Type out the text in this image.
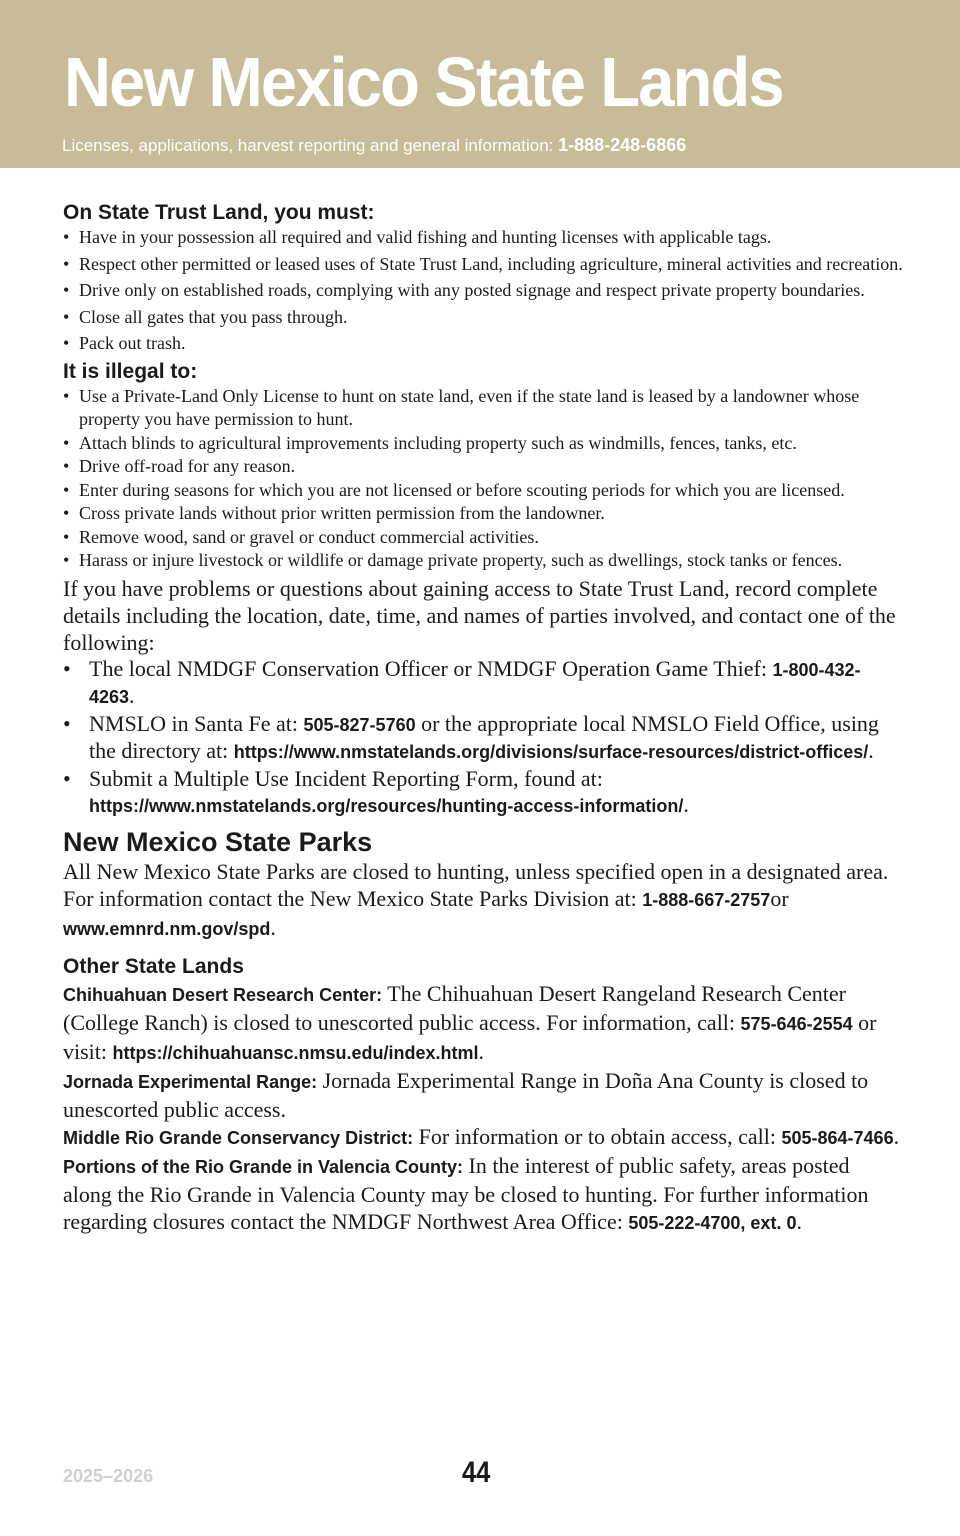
New Mexico State Lands
Licenses, applications, harvest reporting and general information: 1-888-248-6866
On State Trust Land, you must:
• Have in your possession all required and valid fishing and hunting licenses with applicable tags.
• Respect other permitted or leased uses of State Trust Land, including agriculture, mineral activities and recreation.
• Drive only on established roads, complying with any posted signage and respect private property boundaries.
• Close all gates that you pass through.
• Pack out trash.
It is illegal to:
• Use a Private-Land Only License to hunt on state land, even if the state land is leased by a landowner whose property you have permission to hunt.
• Attach blinds to agricultural improvements including property such as windmills, fences, tanks, etc.
• Drive off-road for any reason.
• Enter during seasons for which you are not licensed or before scouting periods for which you are licensed.
• Cross private lands without prior written permission from the landowner.
• Remove wood, sand or gravel or conduct commercial activities.
• Harass or injure livestock or wildlife or damage private property, such as dwellings, stock tanks or fences.

If you have problems or questions about gaining access to State Trust Land, record complete details including the location, date, time, and names of parties involved, and contact one of the following:

• The local NMDGF Conservation Officer or NMDGF Operation Game Thief: 1-800-432-4263.
• NMSLO in Santa Fe at: 505-827-5760 or the appropriate local NMSLO Field Office, using the directory at: https://www.nmstatelands.org/divisions/surface-resources/district-offices/.
• Submit a Multiple Use Incident Reporting Form, found at: https://www.nmstatelands.org/resources/hunting-access-information/.
New Mexico State Parks

All New Mexico State Parks are closed to hunting, unless specified open in a designated area. For information contact the New Mexico State Parks Division at: 1-888-667-2757or www.emnrd.nm.gov/spd.

Other State Lands

Chihuahuan Desert Research Center: The Chihuahuan Desert Rangeland Research Center (College Ranch) is closed to unescorted public access. For information, call: 575-646-2554 or visit: https://chihuahuansc.nmsu.edu/index.html.

Jornada Experimental Range: Jornada Experimental Range in Doña Ana County is closed to unescorted public access.

Middle Rio Grande Conservancy District: For information or to obtain access, call: 505-864-7466.

Portions of the Rio Grande in Valencia County: In the interest of public safety, areas posted along the Rio Grande in Valencia County may be closed to hunting. For further information regarding closures contact the NMDGF Northwest Area Office: 505-222-4700, ext. 0.

2025–2026	44
